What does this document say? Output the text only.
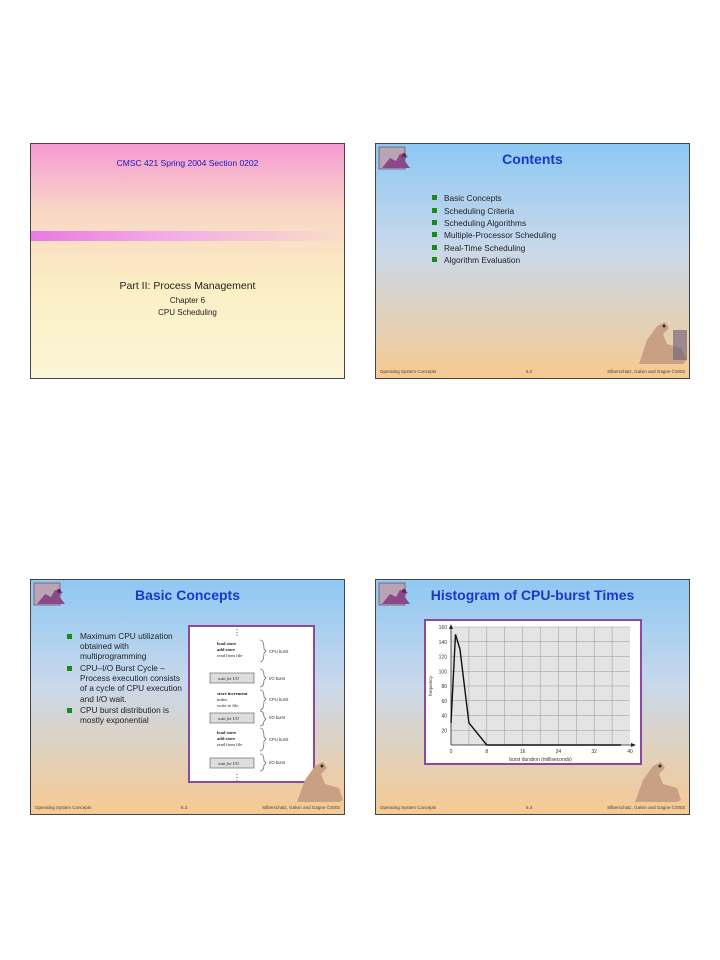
CMSC 421 Spring 2004 Section 0202
Part II: Process Management
Chapter 6
CPU Scheduling
Contents
Basic Concepts
Scheduling Criteria
Scheduling Algorithms
Multiple-Processor Scheduling
Real-Time Scheduling
Algorithm Evaluation
Operating System Concepts	6.2	Silberschatz, Galvin and Gagne ©2002
Basic Concepts
Maximum CPU utilization
obtained with
multiprogramming
CPU–I/O Burst Cycle –
Process execution consists
of a cycle of CPU execution
and I/O wait.
CPU burst distribution is
mostly exponential
⋮
load store
add store
read from file
CPU burst
wait for I/O	I/O burst
store increment
index
write to file
CPU burst
wait for I/O	I/O burst
load store
add store
read from file
CPU burst
wait for I/O	I/O burst
⋮
Operating System Concepts	6.3	Silberschatz, Galvin and Gagne ©2002
Histogram of CPU-burst Times
20
40
60
80
100
120
140
160
0	8	16	24	32	40
burst duration (milliseconds)
frequency
Operating System Concepts	6.4	Silberschatz, Galvin and Gagne ©2002
